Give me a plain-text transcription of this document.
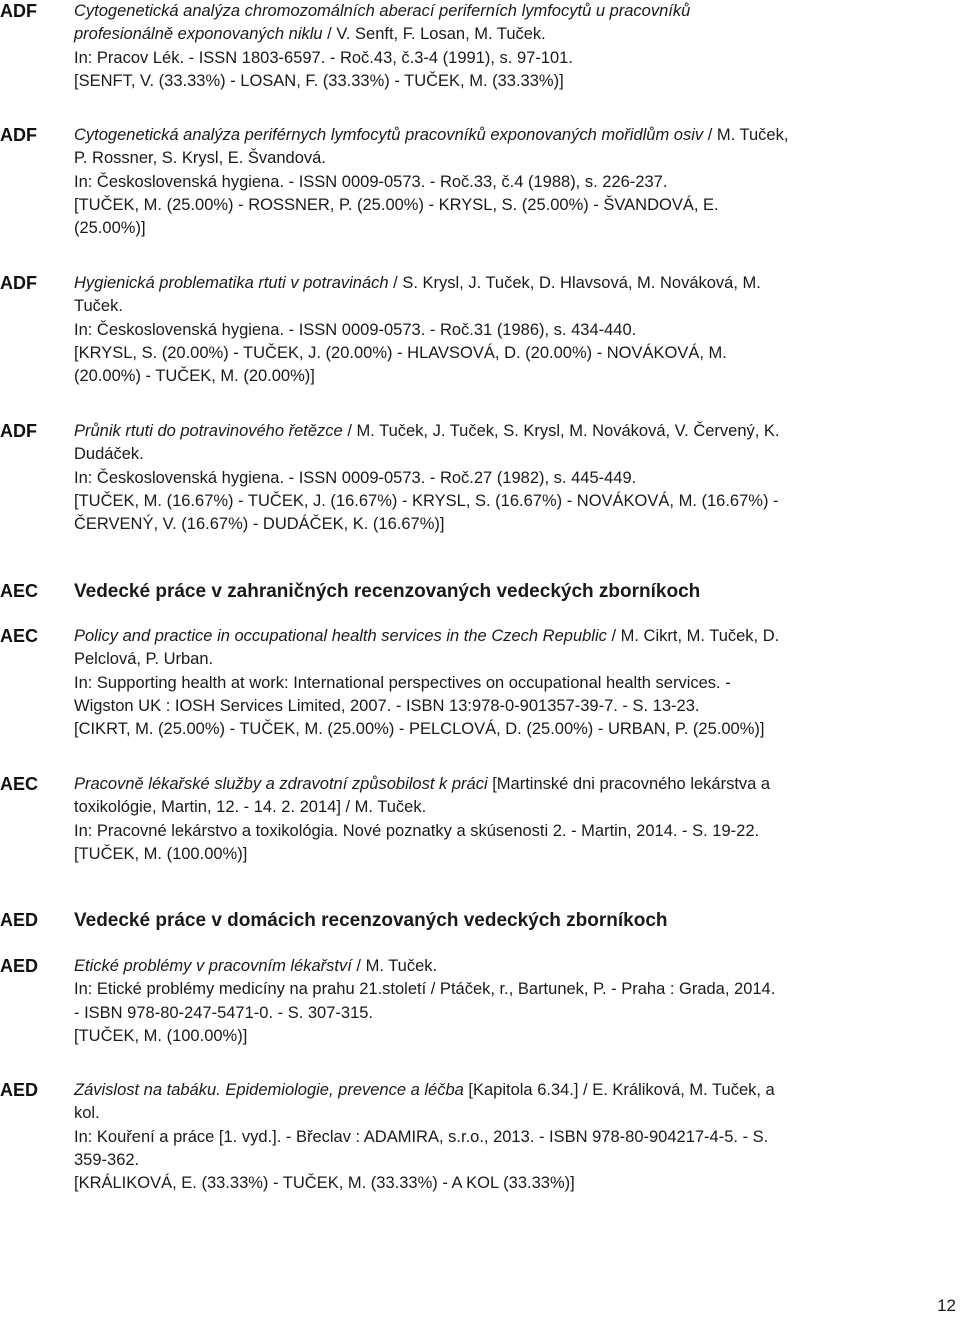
ADF	Cytogenetická analýza chromozomálních aberací periferních lymfocytů u pracovníků
profesionálně exponovaných niklu / V. Senft, F. Losan, M. Tuček.
In: Pracov Lék. - ISSN 1803-6597. - Roč.43, č.3-4 (1991), s. 97-101.
[SENFT, V. (33.33%) - LOSAN, F. (33.33%) - TUČEK, M. (33.33%)]
ADF	Cytogenetická analýza periférnych lymfocytů pracovníků exponovaných mořidlům osiv / M. Tuček,
P. Rossner, S. Krysl, E. Švandová.
In: Československá hygiena. - ISSN 0009-0573. - Roč.33, č.4 (1988), s. 226-237.
[TUČEK, M. (25.00%) - ROSSNER, P. (25.00%) - KRYSL, S. (25.00%) - ŠVANDOVÁ, E.
(25.00%)]
ADF	Hygienická problematika rtuti v potravinách / S. Krysl, J. Tuček, D. Hlavsová, M. Nováková, M.
Tuček.
In: Československá hygiena. - ISSN 0009-0573. - Roč.31 (1986), s. 434-440.
[KRYSL, S. (20.00%) - TUČEK, J. (20.00%) - HLAVSOVÁ, D. (20.00%) - NOVÁKOVÁ, M.
(20.00%) - TUČEK, M. (20.00%)]
ADF	Průnik rtuti do potravinového řetězce / M. Tuček, J. Tuček, S. Krysl, M. Nováková, V. Červený, K.
Dudáček.
In: Československá hygiena. - ISSN 0009-0573. - Roč.27 (1982), s. 445-449.
[TUČEK, M. (16.67%) - TUČEK, J. (16.67%) - KRYSL, S. (16.67%) - NOVÁKOVÁ, M. (16.67%) -
ČERVENÝ, V. (16.67%) - DUDÁČEK, K. (16.67%)]
AEC	Vedecké práce v zahraničných recenzovaných vedeckých zborníkoch
AEC	Policy and practice in occupational health services in the Czech Republic / M. Cikrt, M. Tuček, D.
Pelclová, P. Urban.
In: Supporting health at work: International perspectives on occupational health services. -
Wigston UK : IOSH Services Limited, 2007. - ISBN 13:978-0-901357-39-7. - S. 13-23.
[CIKRT, M. (25.00%) - TUČEK, M. (25.00%) - PELCLOVÁ, D. (25.00%) - URBAN, P. (25.00%)]
AEC	Pracovně lékařské služby a zdravotní způsobilost k práci [Martinské dni pracovného lekárstva a
toxikológie, Martin, 12. - 14. 2. 2014] / M. Tuček.
In: Pracovné lekárstvo a toxikológia. Nové poznatky a skúsenosti 2. - Martin, 2014. - S. 19-22.
[TUČEK, M. (100.00%)]
AED	Vedecké práce v domácich recenzovaných vedeckých zborníkoch
AED	Etické problémy v pracovním lékařství / M. Tuček.
In: Etické problémy medicíny na prahu 21.století / Ptáček, r., Bartunek, P. - Praha : Grada, 2014.
- ISBN 978-80-247-5471-0. - S. 307-315.
[TUČEK, M. (100.00%)]
AED	Závislost na tabáku. Epidemiologie, prevence a léčba [Kapitola 6.34.] / E. Králiková, M. Tuček, a
kol.
In: Kouření a práce [1. vyd.]. - Břeclav : ADAMIRA, s.r.o., 2013. - ISBN 978-80-904217-4-5. - S.
359-362.
[KRÁLIKOVÁ, E. (33.33%) - TUČEK, M. (33.33%) - A KOL (33.33%)]
12
